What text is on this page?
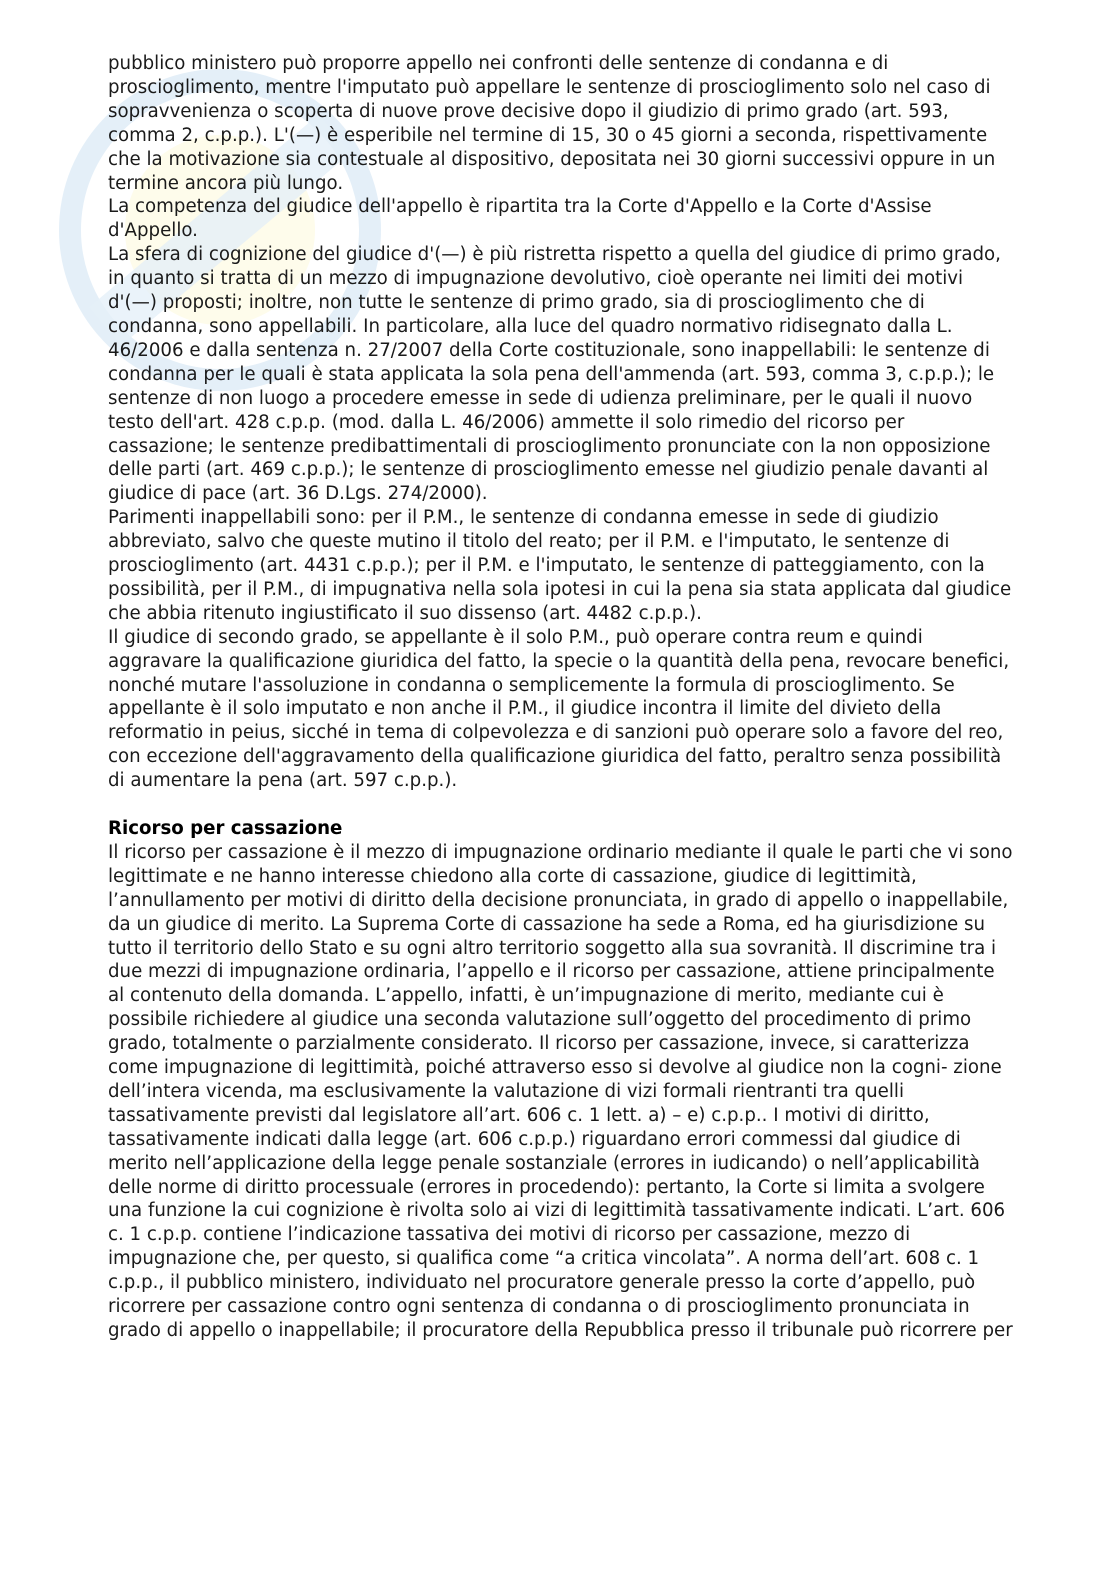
pubblico ministero può proporre appello nei confronti delle sentenze di condanna e di proscioglimento, mentre l'imputato può appellare le sentenze di proscioglimento solo nel caso di sopravvenienza o scoperta di nuove prove decisive dopo il giudizio di primo grado (art. 593, comma 2, c.p.p.). L'(—) è esperibile nel termine di 15, 30 o 45 giorni a seconda, rispettivamente che la motivazione sia contestuale al dispositivo, depositata nei 30 giorni successivi oppure in un termine ancora più lungo.

La competenza del giudice dell'appello è ripartita tra la Corte d'Appello e la Corte d'Assise d'Appello.

La sfera di cognizione del giudice d'(—) è più ristretta rispetto a quella del giudice di primo grado, in quanto si tratta di un mezzo di impugnazione devolutivo, cioè operante nei limiti dei motivi d'(—) proposti; inoltre, non tutte le sentenze di primo grado, sia di proscioglimento che di condanna, sono appellabili. In particolare, alla luce del quadro normativo ridisegnato dalla L. 46/2006 e dalla sentenza n. 27/2007 della Corte costituzionale, sono inappellabili: le sentenze di condanna per le quali è stata applicata la sola pena dell'ammenda (art. 593, comma 3, c.p.p.); le sentenze di non luogo a procedere emesse in sede di udienza preliminare, per le quali il nuovo testo dell'art. 428 c.p.p. (mod. dalla L. 46/2006) ammette il solo rimedio del ricorso per cassazione; le sentenze predibattimentali di proscioglimento pronunciate con la non opposizione delle parti (art. 469 c.p.p.); le sentenze di proscioglimento emesse nel giudizio penale davanti al giudice di pace (art. 36 D.Lgs. 274/2000).

Parimenti inappellabili sono: per il P.M., le sentenze di condanna emesse in sede di giudizio abbreviato, salvo che queste mutino il titolo del reato; per il P.M. e l'imputato, le sentenze di proscioglimento (art. 4431 c.p.p.); per il P.M. e l'imputato, le sentenze di patteggiamento, con la possibilità, per il P.M., di impugnativa nella sola ipotesi in cui la pena sia stata applicata dal giudice che abbia ritenuto ingiustificato il suo dissenso (art. 4482 c.p.p.).

Il giudice di secondo grado, se appellante è il solo P.M., può operare contra reum e quindi aggravare la qualificazione giuridica del fatto, la specie o la quantità della pena, revocare benefici, nonché mutare l'assoluzione in condanna o semplicemente la formula di proscioglimento. Se appellante è il solo imputato e non anche il P.M., il giudice incontra il limite del divieto della reformatio in peius, sicché in tema di colpevolezza e di sanzioni può operare solo a favore del reo, con eccezione dell'aggravamento della qualificazione giuridica del fatto, peraltro senza possibilità di aumentare la pena (art. 597 c.p.p.).

Ricorso per cassazione

Il ricorso per cassazione è il mezzo di impugnazione ordinario mediante il quale le parti che vi sono legittimate e ne hanno interesse chiedono alla corte di cassazione, giudice di legittimità, l’annullamento per motivi di diritto della decisione pronunciata, in grado di appello o inappellabile, da un giudice di merito. La Suprema Corte di cassazione ha sede a Roma, ed ha giurisdizione su tutto il territorio dello Stato e su ogni altro territorio soggetto alla sua sovranità. Il discrimine tra i due mezzi di impugnazione ordinaria, l’appello e il ricorso per cassazione, attiene principalmente al contenuto della domanda. L’appello, infatti, è un’impugnazione di merito, mediante cui è possibile richiedere al giudice una seconda valutazione sull’oggetto del procedimento di primo grado, totalmente o parzialmente considerato. Il ricorso per cassazione, invece, si caratterizza come impugnazione di legittimità, poiché attraverso esso si devolve al giudice non la cogni- zione dell’intera vicenda, ma esclusivamente la valutazione di vizi formali rientranti tra quelli tassativamente previsti dal legislatore all’art. 606 c. 1 lett. a) – e) c.p.p.. I motivi di diritto, tassativamente indicati dalla legge (art. 606 c.p.p.) riguardano errori commessi dal giudice di merito nell’applicazione della legge penale sostanziale (errores in iudicando) o nell’applicabilità delle norme di diritto processuale (errores in procedendo): pertanto, la Corte si limita a svolgere una funzione la cui cognizione è rivolta solo ai vizi di legittimità tassativamente indicati. L’art. 606 c. 1 c.p.p. contiene l’indicazione tassativa dei motivi di ricorso per cassazione, mezzo di impugnazione che, per questo, si qualifica come “a critica vincolata”. A norma dell’art. 608 c. 1 c.p.p., il pubblico ministero, individuato nel procuratore generale presso la corte d’appello, può ricorrere per cassazione contro ogni sentenza di condanna o di proscioglimento pronunciata in grado di appello o inappellabile; il procuratore della Repubblica presso il tribunale può ricorrere per
